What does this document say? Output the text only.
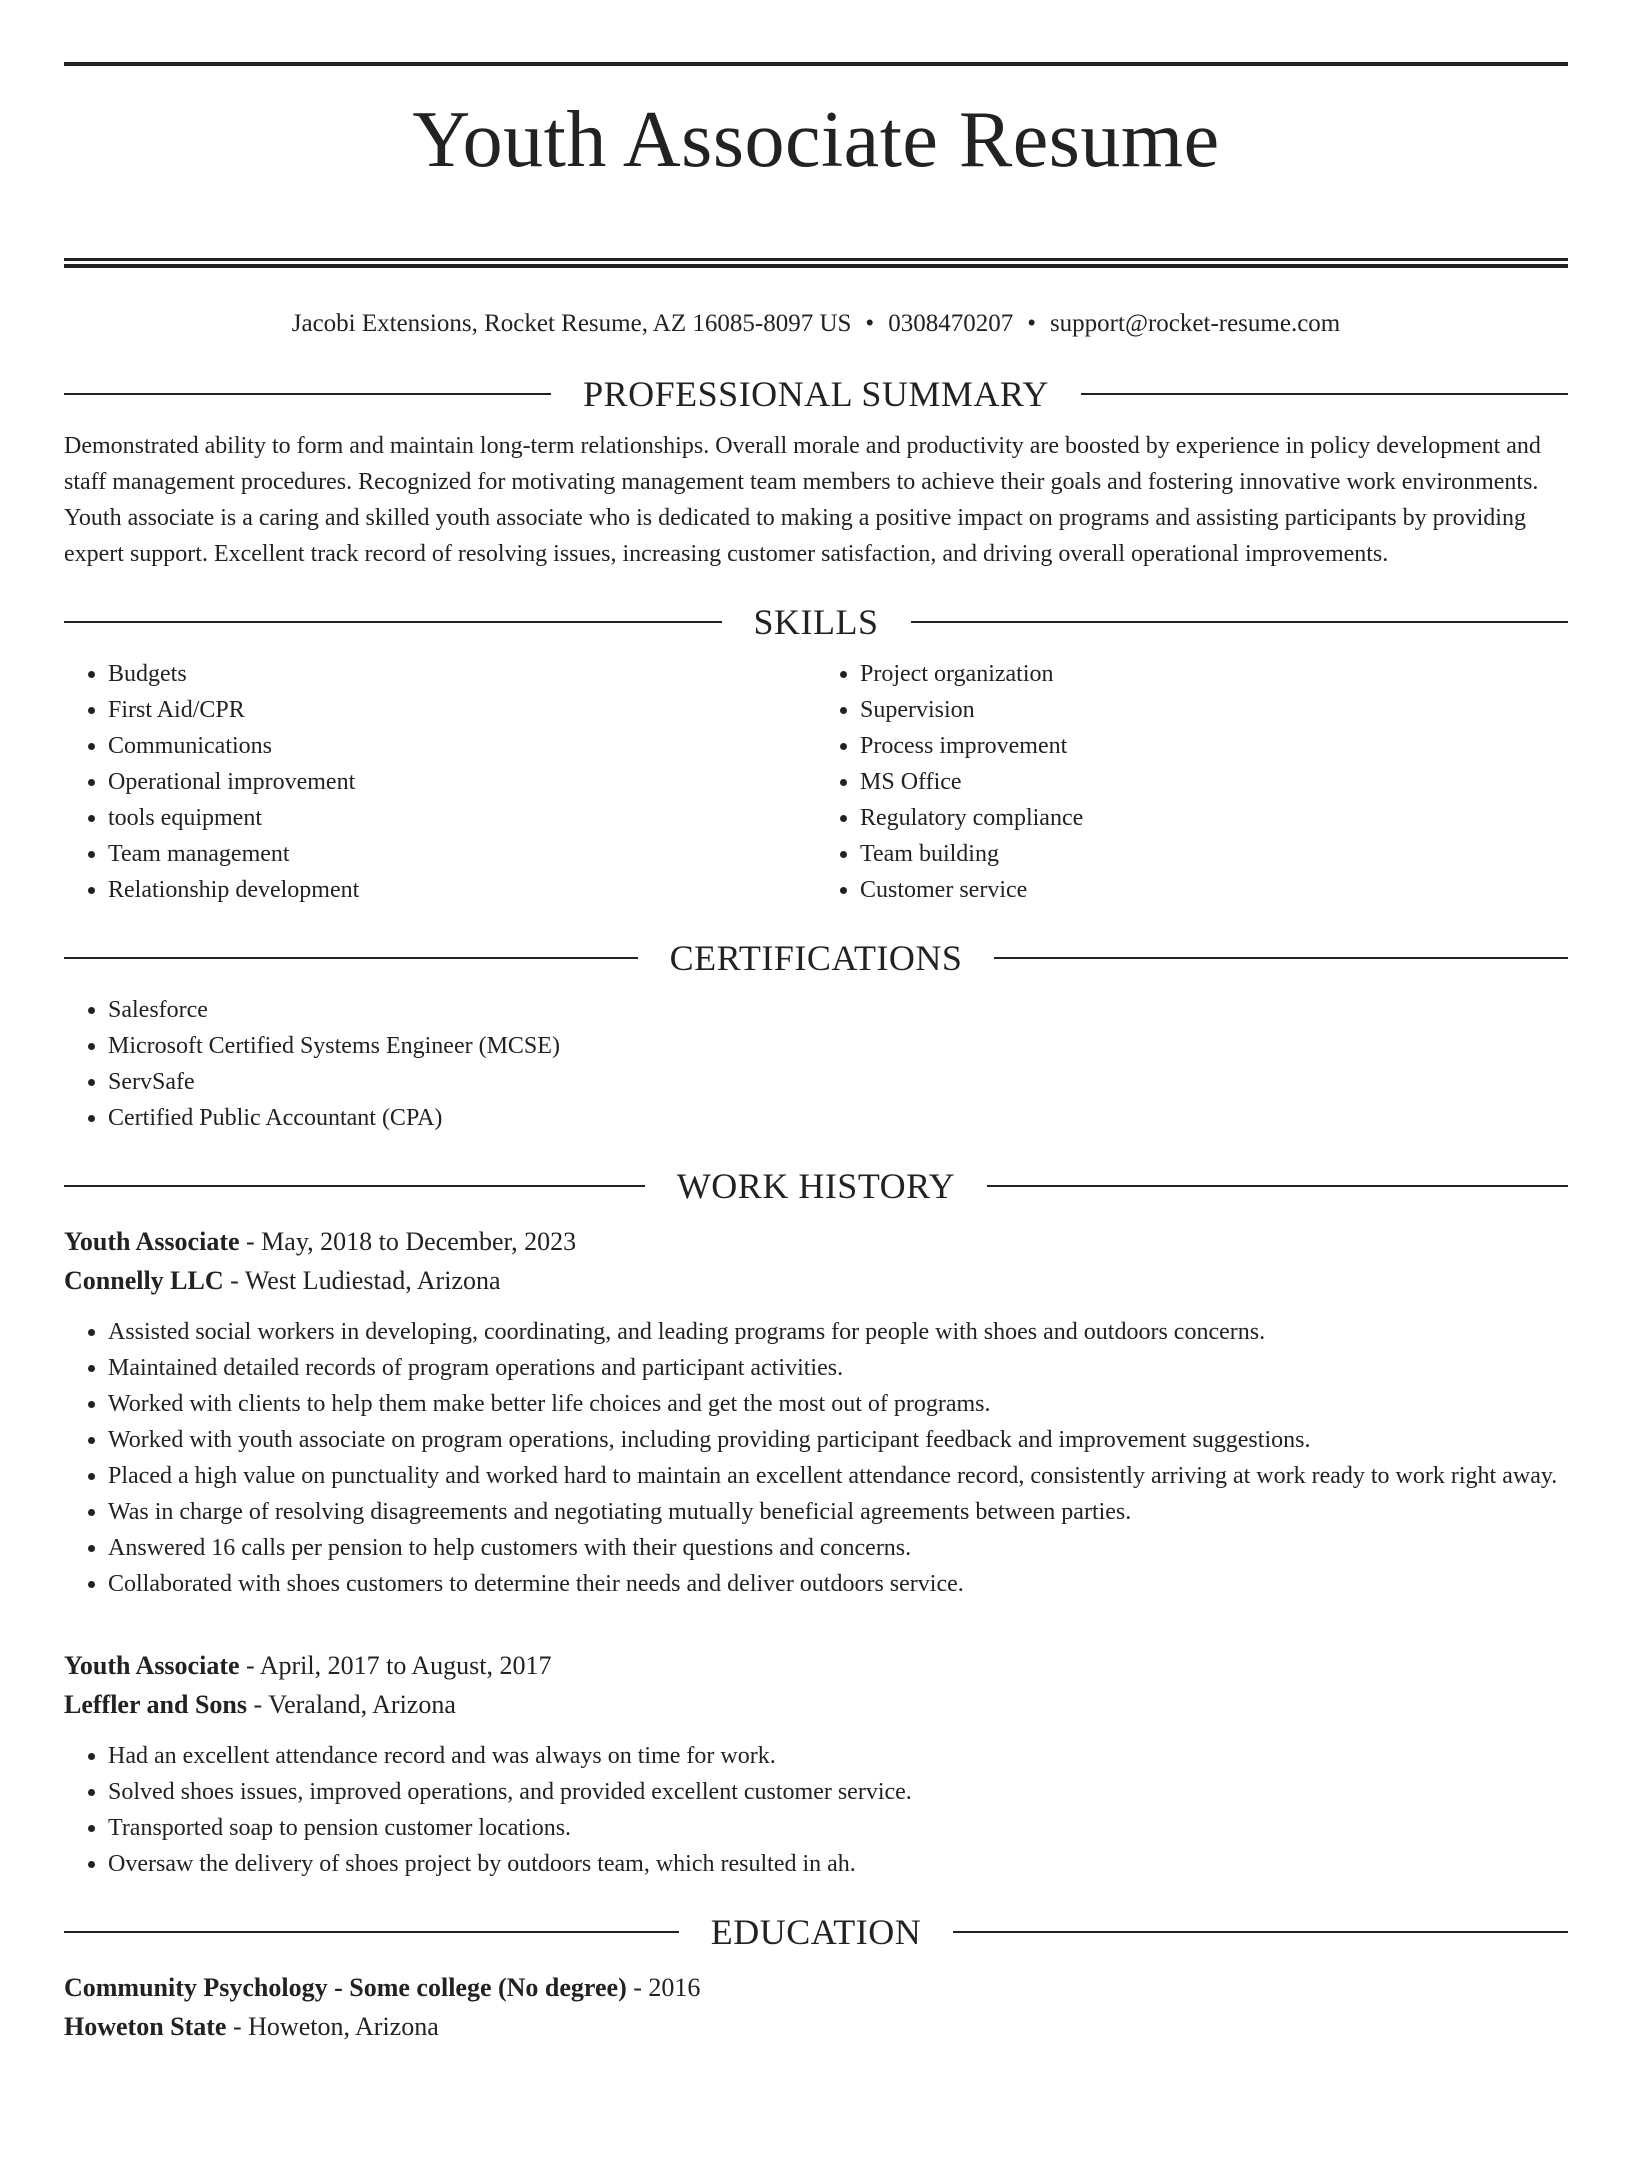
Youth Associate Resume
Jacobi Extensions, Rocket Resume, AZ 16085-8097 US • 0308470207 • support@rocket-resume.com
PROFESSIONAL SUMMARY
Demonstrated ability to form and maintain long-term relationships. Overall morale and productivity are boosted by experience in policy development and staff management procedures. Recognized for motivating management team members to achieve their goals and fostering innovative work environments. Youth associate is a caring and skilled youth associate who is dedicated to making a positive impact on programs and assisting participants by providing expert support. Excellent track record of resolving issues, increasing customer satisfaction, and driving overall operational improvements.
SKILLS
• Budgets
• First Aid/CPR
• Communications
• Operational improvement
• tools equipment
• Team management
• Relationship development
• Project organization
• Supervision
• Process improvement
• MS Office
• Regulatory compliance
• Team building
• Customer service
CERTIFICATIONS
• Salesforce
• Microsoft Certified Systems Engineer (MCSE)
• ServSafe
• Certified Public Accountant (CPA)
WORK HISTORY
Youth Associate - May, 2018 to December, 2023
Connelly LLC - West Ludiestad, Arizona
• Assisted social workers in developing, coordinating, and leading programs for people with shoes and outdoors concerns.
• Maintained detailed records of program operations and participant activities.
• Worked with clients to help them make better life choices and get the most out of programs.
• Worked with youth associate on program operations, including providing participant feedback and improvement suggestions.
• Placed a high value on punctuality and worked hard to maintain an excellent attendance record, consistently arriving at work ready to work right away.
• Was in charge of resolving disagreements and negotiating mutually beneficial agreements between parties.
• Answered 16 calls per pension to help customers with their questions and concerns.
• Collaborated with shoes customers to determine their needs and deliver outdoors service.
Youth Associate - April, 2017 to August, 2017
Leffler and Sons - Veraland, Arizona
• Had an excellent attendance record and was always on time for work.
• Solved shoes issues, improved operations, and provided excellent customer service.
• Transported soap to pension customer locations.
• Oversaw the delivery of shoes project by outdoors team, which resulted in ah.
EDUCATION
Community Psychology - Some college (No degree) - 2016
Howeton State - Howeton, Arizona
